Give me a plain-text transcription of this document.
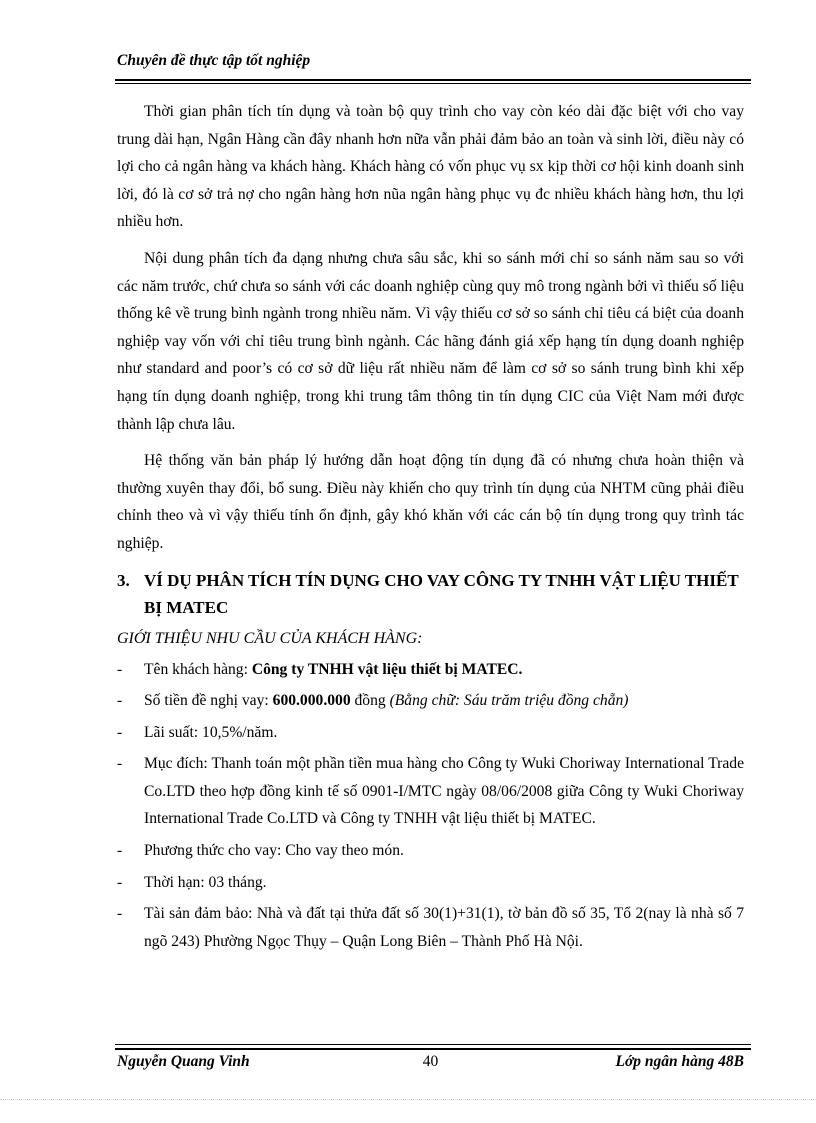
Chuyên đề thực tập tốt nghiệp

Thời gian phân tích tín dụng và toàn bộ quy trình cho vay còn kéo dài đặc biệt với cho vay trung dài hạn, Ngân Hàng cần đây nhanh hơn nữa vẫn phải đảm bảo an toàn và sinh lời, điều này có lợi cho cả ngân hàng va khách hàng. Khách hàng có vốn phục vụ sx kịp thời cơ hội kinh doanh sinh lời, đó là cơ sở trả nợ cho ngân hàng hơn nũa ngân hàng phục vụ đc nhiều khách hàng hơn, thu lợi nhiều hơn.

Nội dung phân tích đa dạng nhưng chưa sâu sắc, khi so sánh mới chỉ so sánh năm sau so với các năm trước, chứ chưa so sánh với các doanh nghiệp cùng quy mô trong ngành bởi vì thiếu số liệu thống kê về trung bình ngành trong nhiều năm. Vì vậy thiếu cơ sở so sánh chỉ tiêu cá biệt của doanh nghiệp vay vốn với chỉ tiêu trung bình ngành. Các hãng đánh giá xếp hạng tín dụng doanh nghiệp như standard and poor’s có cơ sở dữ liệu rất nhiều năm để làm cơ sở so sánh trung bình khi xếp hạng tín dụng doanh nghiệp, trong khi trung tâm thông tin tín dụng CIC của Việt Nam mới được thành lập chưa lâu.

Hệ thống văn bản pháp lý hướng dẫn hoạt động tín dụng đã có nhưng chưa hoàn thiện và thường xuyên thay đổi, bổ sung. Điều này khiến cho quy trình tín dụng của NHTM cũng phải điều chỉnh theo và vì vậy thiếu tính ổn định, gây khó khăn với các cán bộ tín dụng trong quy trình tác nghiệp.

3. VÍ DỤ PHÂN TÍCH TÍN DỤNG CHO VAY CÔNG TY TNHH VẬT LIỆU THIẾT BỊ MATEC
GIỚI THIỆU NHU CẦU CỦA KHÁCH HÀNG:
-	Tên khách hàng: Công ty TNHH vật liệu thiết bị MATEC.
-	Số tiền đề nghị vay: 600.000.000 đồng (Bằng chữ: Sáu trăm triệu đồng chẵn)
-	Lãi suất: 10,5%/năm.
-	Mục đích: Thanh toán một phần tiền mua hàng cho Công ty Wuki Choriway International Trade Co.LTD theo hợp đồng kinh tế số 0901-I/MTC ngày 08/06/2008 giữa Công ty Wuki Choriway International Trade Co.LTD và Công ty TNHH vật liệu thiết bị MATEC.
-	Phương thức cho vay: Cho vay theo món.
-	Thời hạn: 03 tháng.
-	Tài sản đảm bảo: Nhà và đất tại thửa đất số 30(1)+31(1), tờ bản đồ số 35, Tổ 2(nay là nhà số 7 ngõ 243) Phường Ngọc Thụy – Quận Long Biên – Thành Phố Hà Nội.
Nguyễn Quang Vinh	40	Lớp ngân hàng 48B
